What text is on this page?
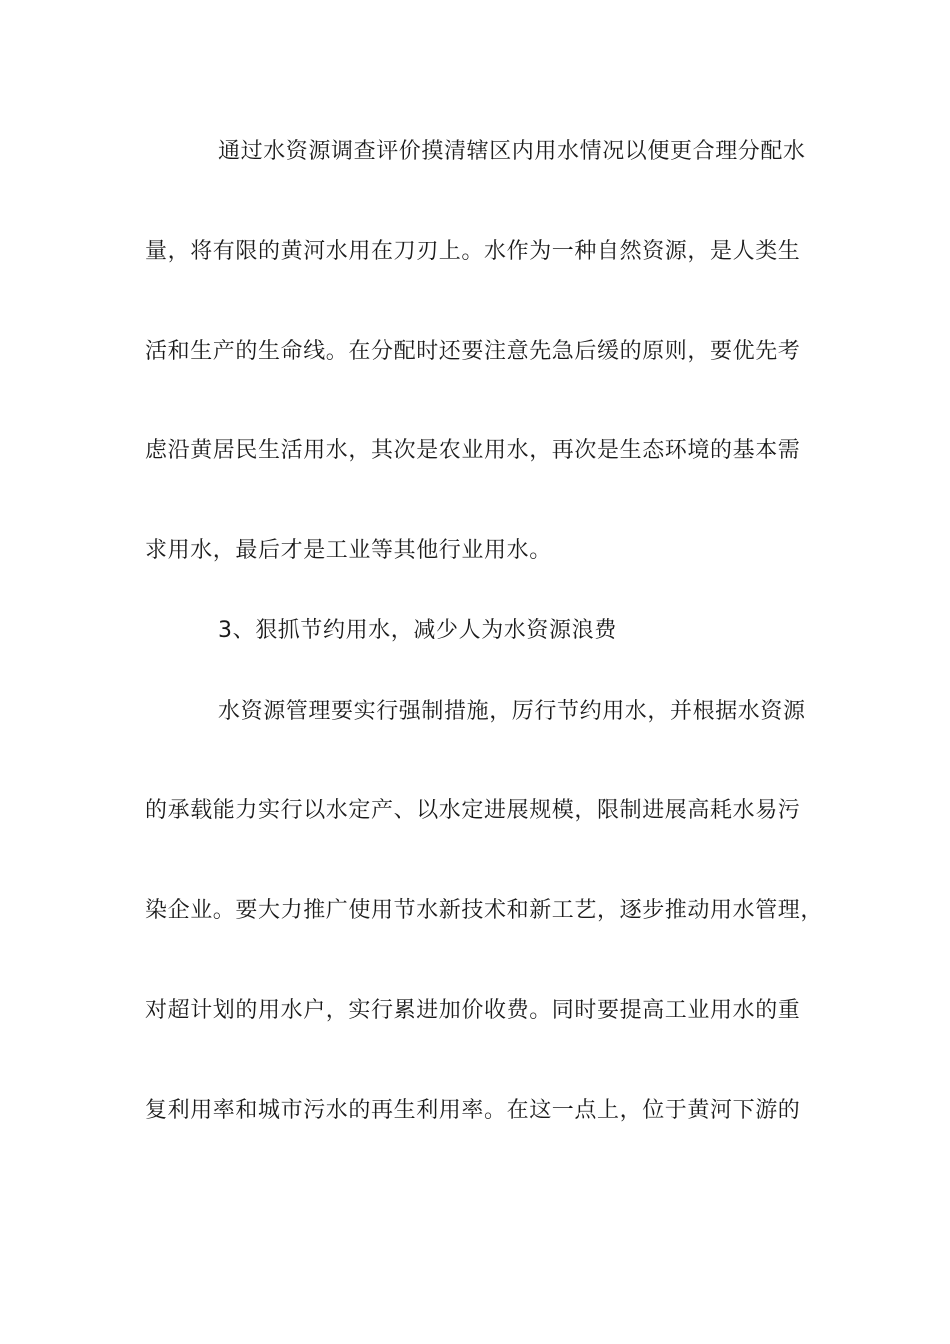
通过水资源调查评价摸清辖区内用水情况以便更合理分配水
量，将有限的黄河水用在刀刃上。水作为一种自然资源，是人类生
活和生产的生命线。在分配时还要注意先急后缓的原则，要优先考
虑沿黄居民生活用水，其次是农业用水，再次是生态环境的基本需
求用水，最后才是工业等其他行业用水。
3、狠抓节约用水，减少人为水资源浪费
水资源管理要实行强制措施，厉行节约用水，并根据水资源
的承载能力实行以水定产、以水定进展规模，限制进展高耗水易污
染企业。要大力推广使用节水新技术和新工艺，逐步推动用水管理，
对超计划的用水户，实行累进加价收费。同时要提高工业用水的重
复利用率和城市污水的再生利用率。在这一点上，位于黄河下游的
